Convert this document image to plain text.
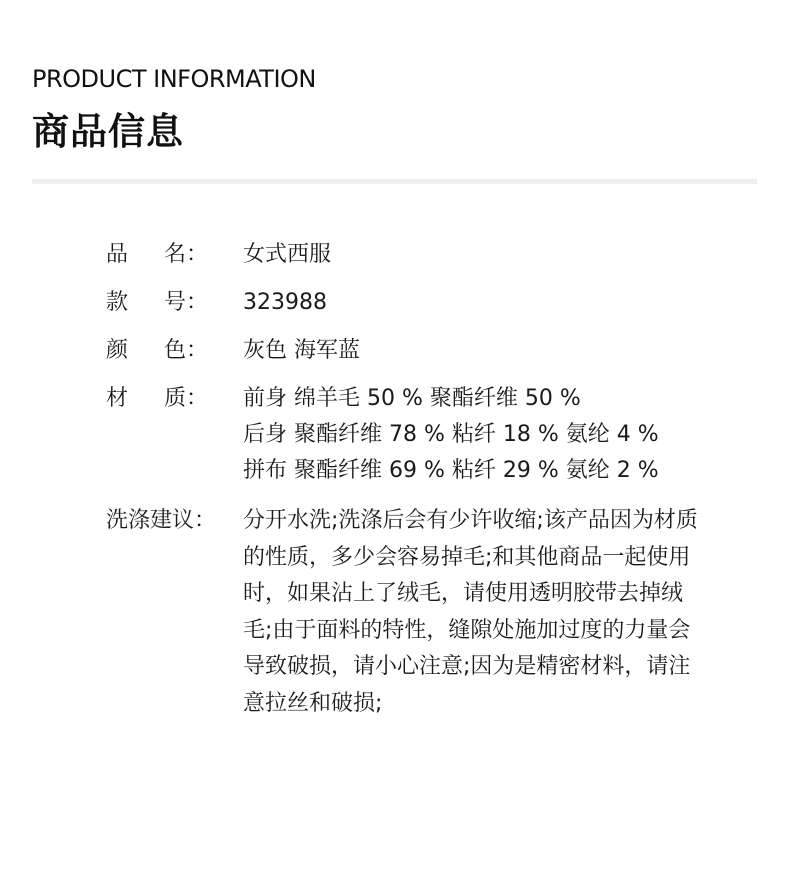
PRODUCT INFORMATION
商品信息
品	名：	女式西服
款	号：	323988
颜	色：	灰色 海军蓝
材	质：	前身 绵羊毛 50 % 聚酯纤维 50 %
后身 聚酯纤维 78 % 粘纤 18 % 氨纶 4 %
拼布 聚酯纤维 69 % 粘纤 29 % 氨纶 2 %
洗涤建议：	分开水洗;洗涤后会有少许收缩;该产品因为材质的性质，多少会容易掉毛;和其他商品一起使用时，如果沾上了绒毛，请使用透明胶带去掉绒毛;由于面料的特性，缝隙处施加过度的力量会导致破损，请小心注意;因为是精密材料，请注意拉丝和破损;
